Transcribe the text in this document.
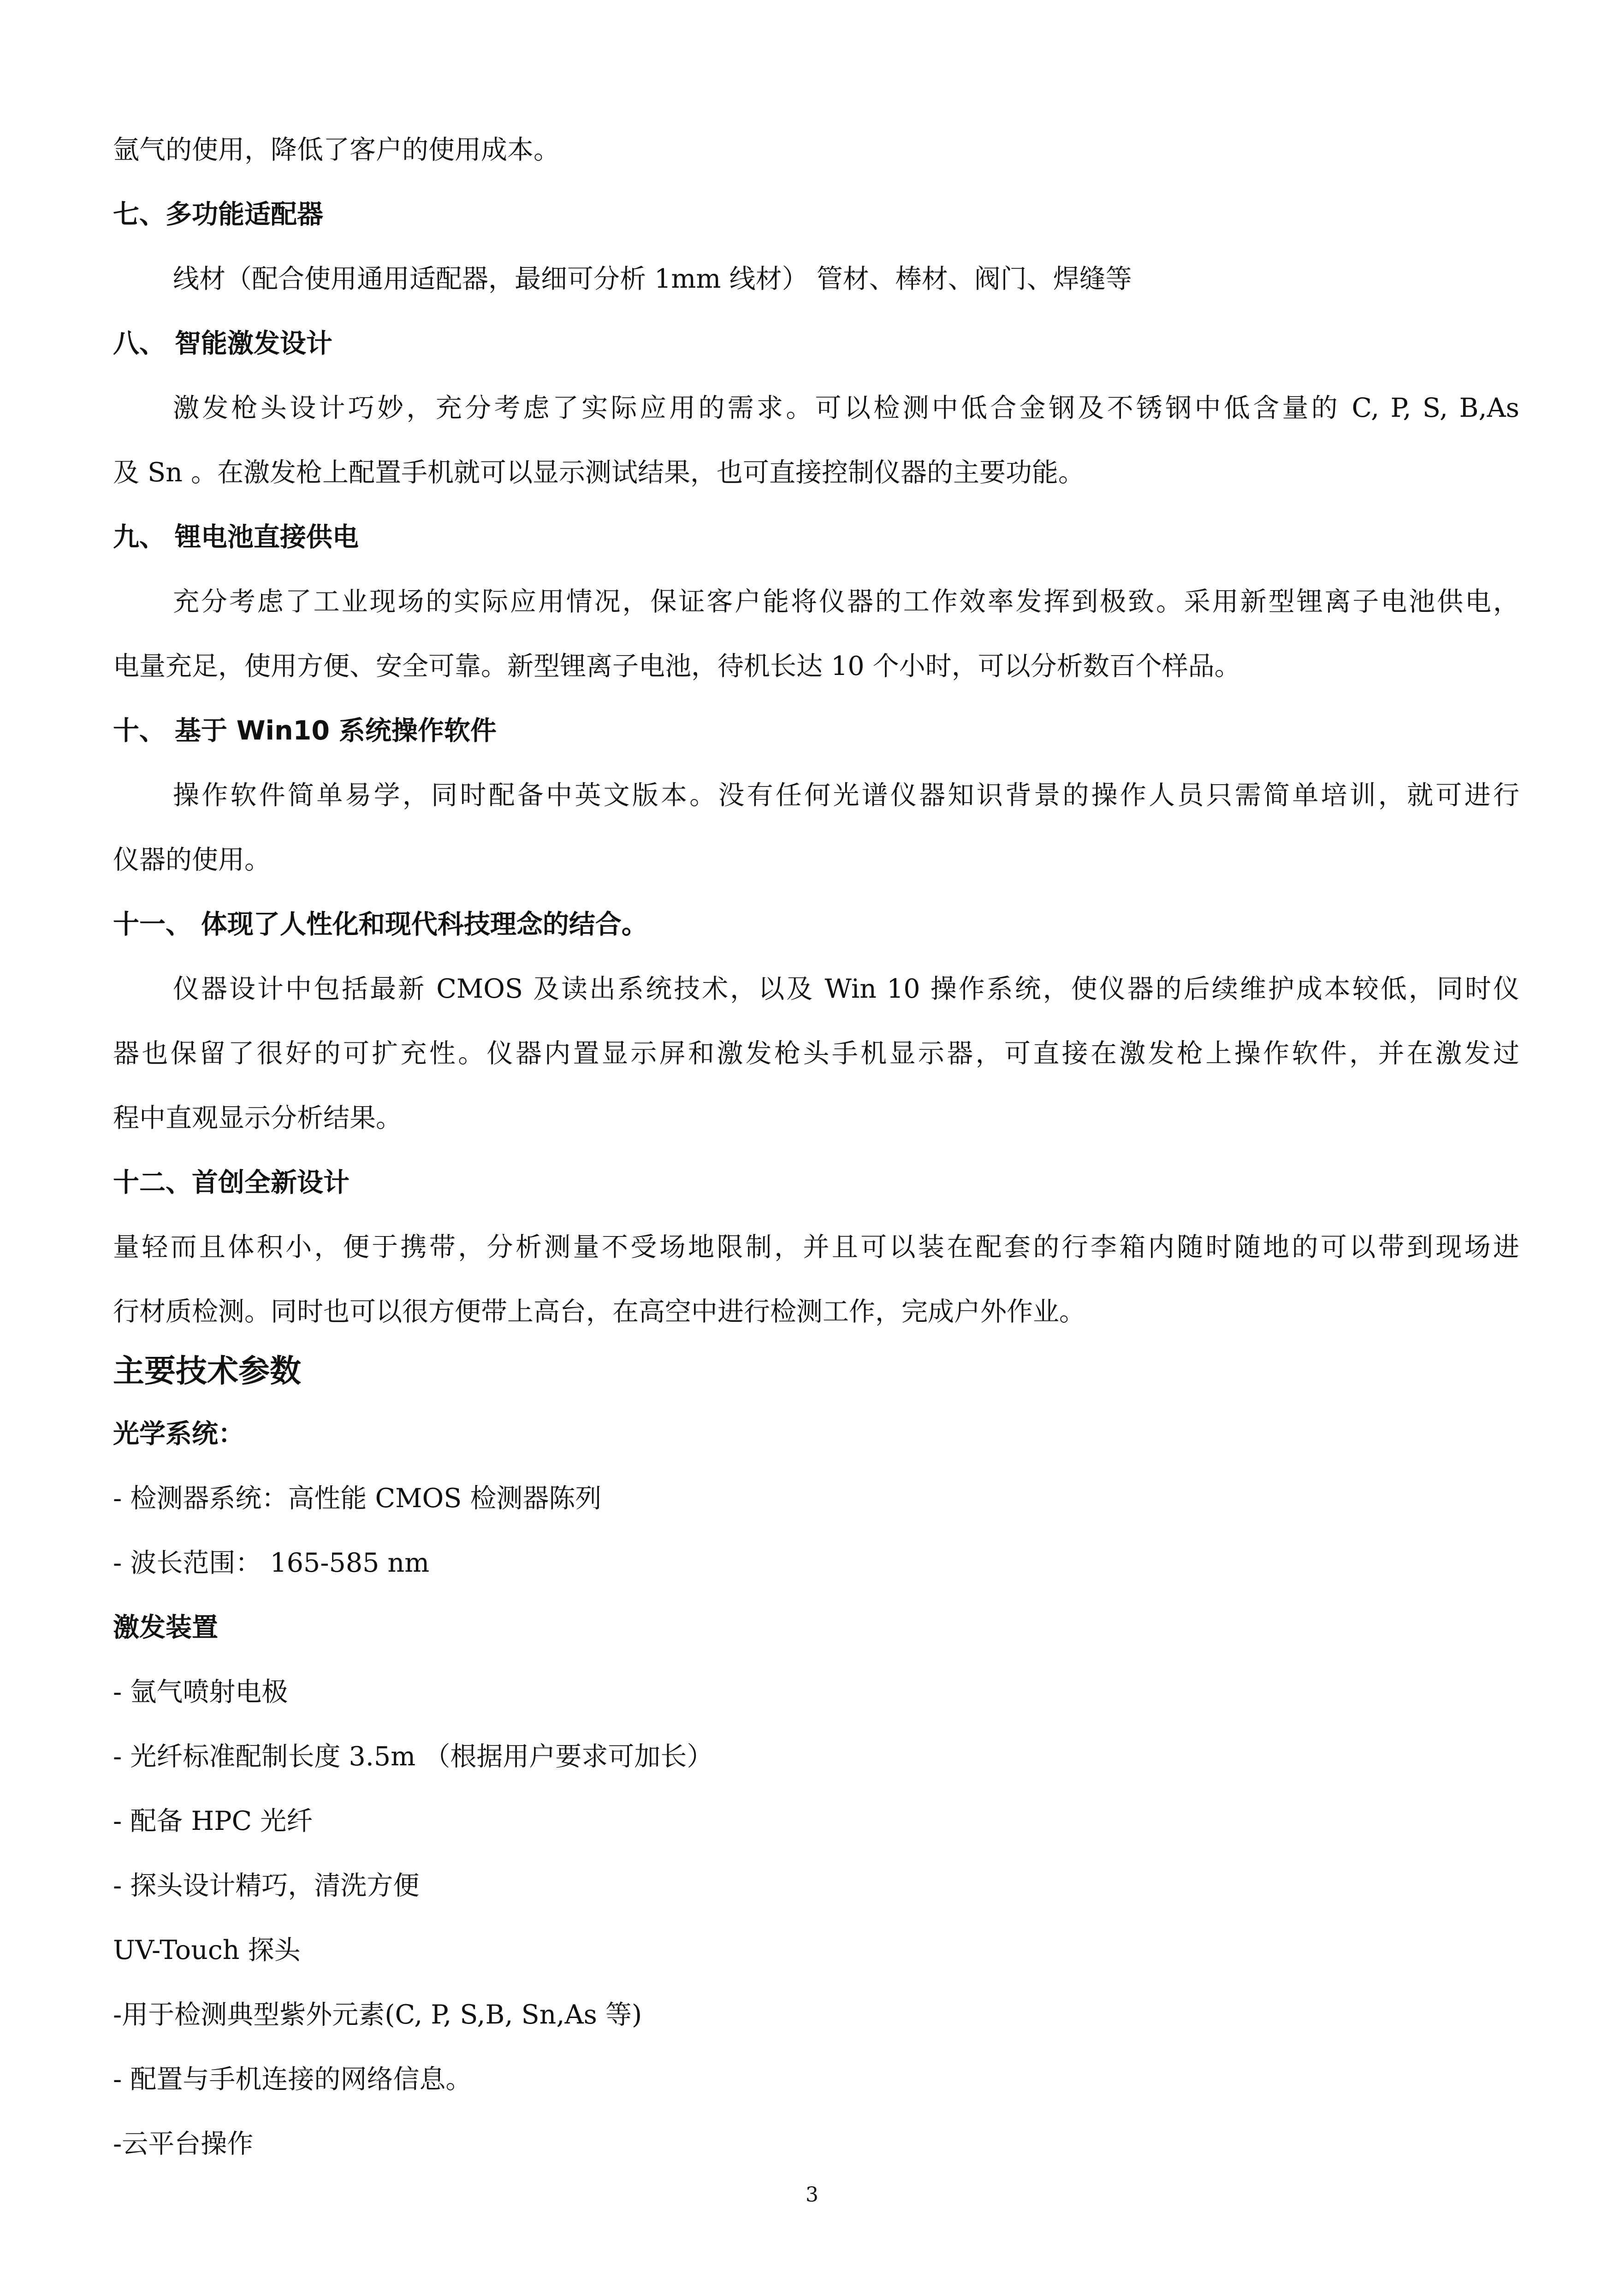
氩气的使用，降低了客户的使用成本。
七、多功能适配器
线材（配合使用通用适配器，最细可分析 1mm 线材） 管材、棒材、阀门、焊缝等
八、 智能激发设计
激发枪头设计巧妙，充分考虑了实际应用的需求。可以检测中低合金钢及不锈钢中低含量的 C, P, S, B,As
及 Sn 。在激发枪上配置手机就可以显示测试结果，也可直接控制仪器的主要功能。
九、 锂电池直接供电
充分考虑了工业现场的实际应用情况，保证客户能将仪器的工作效率发挥到极致。采用新型锂离子电池供电，
电量充足，使用方便、安全可靠。新型锂离子电池，待机长达 10 个小时，可以分析数百个样品。
十、 基于 Win10 系统操作软件
操作软件简单易学，同时配备中英文版本。没有任何光谱仪器知识背景的操作人员只需简单培训，就可进行
仪器的使用。
十一、 体现了人性化和现代科技理念的结合。
仪器设计中包括最新 CMOS 及读出系统技术，以及 Win 10 操作系统，使仪器的后续维护成本较低，同时仪
器也保留了很好的可扩充性。仪器内置显示屏和激发枪头手机显示器，可直接在激发枪上操作软件，并在激发过
程中直观显示分析结果。
十二、首创全新设计
量轻而且体积小，便于携带，分析测量不受场地限制，并且可以装在配套的行李箱内随时随地的可以带到现场进
行材质检测。同时也可以很方便带上高台，在高空中进行检测工作，完成户外作业。
主要技术参数
光学系统：
- 检测器系统：高性能 CMOS 检测器陈列
- 波长范围： 165-585 nm
激发装置
- 氩气喷射电极
- 光纤标准配制长度 3.5m （根据用户要求可加长）
- 配备 HPC 光纤
- 探头设计精巧，清洗方便
UV-Touch 探头
-用于检测典型紫外元素(C, P, S,B, Sn,As 等)
- 配置与手机连接的网络信息。
-云平台操作
3
